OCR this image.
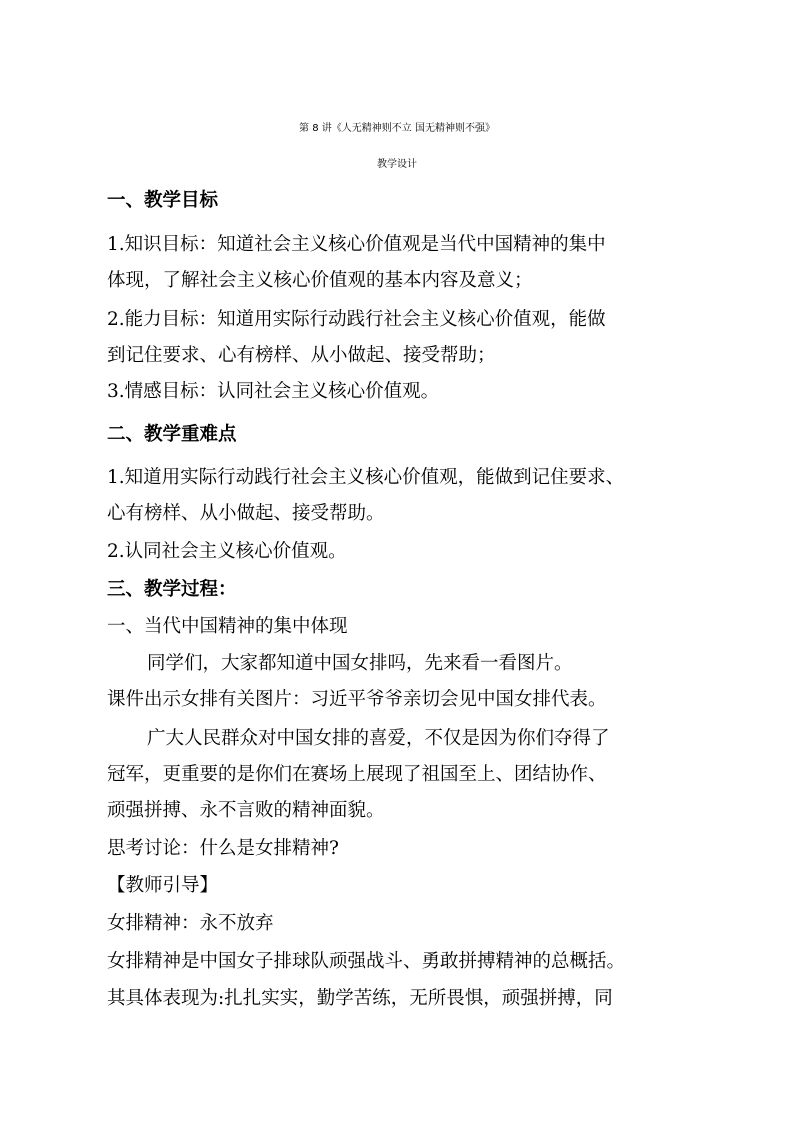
第 8 讲《人无精神则不立 国无精神则不强》
教学设计
一、教学目标
1.知识目标：知道社会主义核心价值观是当代中国精神的集中
体现，了解社会主义核心价值观的基本内容及意义；
2.能力目标：知道用实际行动践行社会主义核心价值观，能做
到记住要求、心有榜样、从小做起、接受帮助；
3.情感目标：认同社会主义核心价值观。
二、教学重难点
1.知道用实际行动践行社会主义核心价值观，能做到记住要求、
心有榜样、从小做起、接受帮助。
2.认同社会主义核心价值观。
三、教学过程：
一、当代中国精神的集中体现
同学们，大家都知道中国女排吗，先来看一看图片。
课件出示女排有关图片：习近平爷爷亲切会见中国女排代表。
广大人民群众对中国女排的喜爱，不仅是因为你们夺得了
冠军，更重要的是你们在赛场上展现了祖国至上、团结协作、
顽强拼搏、永不言败的精神面貌。
思考讨论：什么是女排精神?
【教师引导】
女排精神：永不放弃
女排精神是中国女子排球队顽强战斗、勇敢拼搏精神的总概括。
其具体表现为:扎扎实实，勤学苦练，无所畏惧，顽强拼搏，同
